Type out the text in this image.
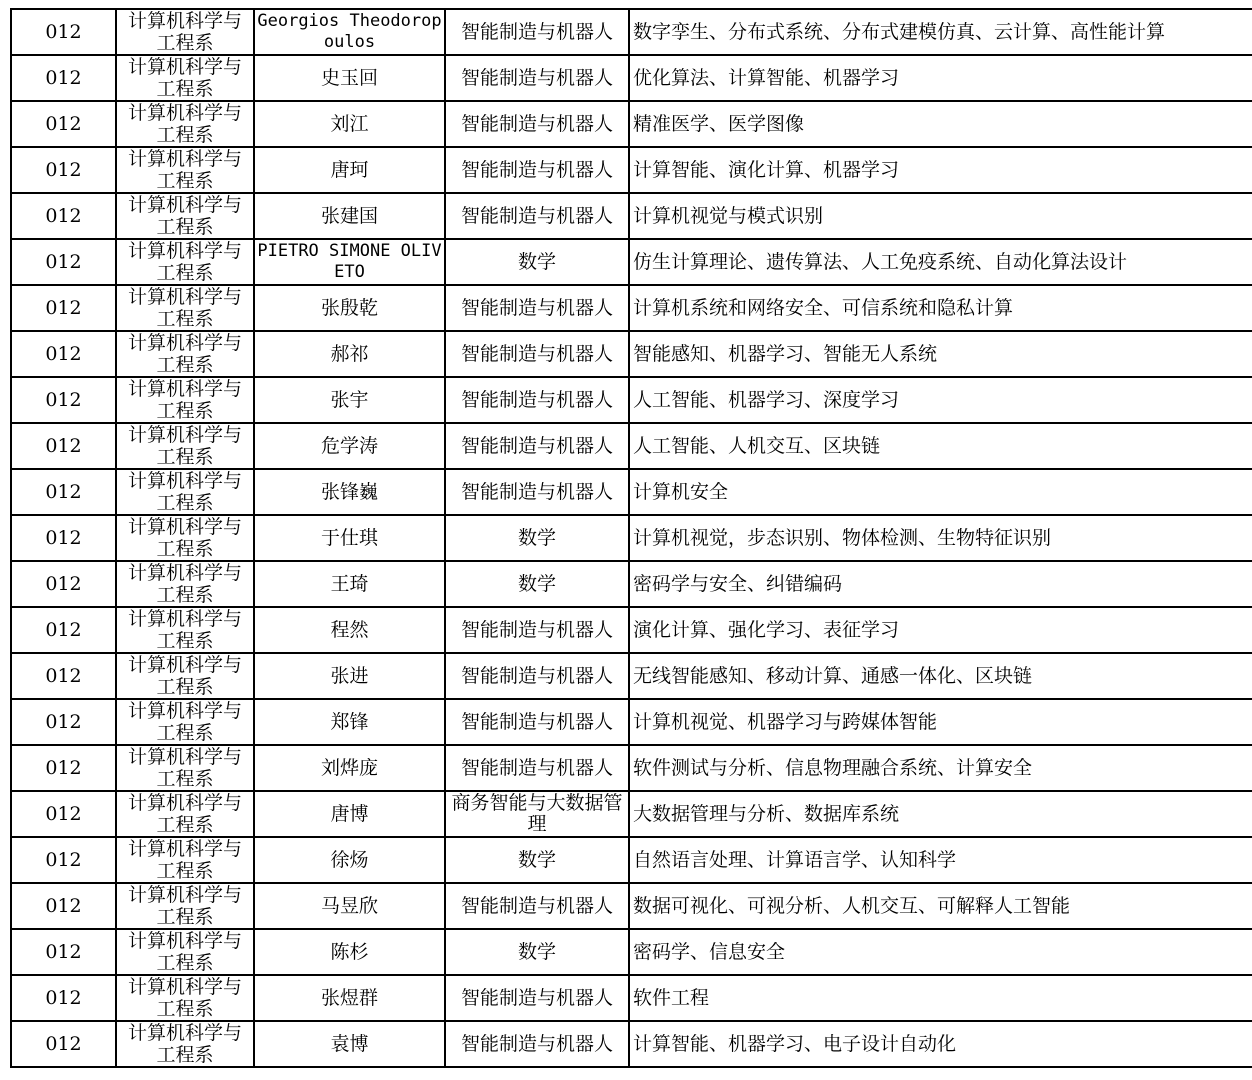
012	计算机科学与工程系	Georgios Theodoropoulos	智能制造与机器人	数字孪生、分布式系统、分布式建模仿真、云计算、高性能计算

012	计算机科学与工程系	史玉回	智能制造与机器人	优化算法、计算智能、机器学习

012	计算机科学与工程系	刘江	智能制造与机器人	精准医学、医学图像

012	计算机科学与工程系	唐珂	智能制造与机器人	计算智能、演化计算、机器学习

012	计算机科学与工程系	张建国	智能制造与机器人	计算机视觉与模式识别

012	计算机科学与工程系	PIETRO SIMONE OLIVETO	数学	仿生计算理论、遗传算法、人工免疫系统、自动化算法设计

012	计算机科学与工程系	张殷乾	智能制造与机器人	计算机系统和网络安全、可信系统和隐私计算

012	计算机科学与工程系	郝祁	智能制造与机器人	智能感知、机器学习、智能无人系统

012	计算机科学与工程系	张宇	智能制造与机器人	人工智能、机器学习、深度学习

012	计算机科学与工程系	危学涛	智能制造与机器人	人工智能、人机交互、区块链

012	计算机科学与工程系	张锋巍	智能制造与机器人	计算机安全

012	计算机科学与工程系	于仕琪	数学	计算机视觉，步态识别、物体检测、生物特征识别

012	计算机科学与工程系	王琦	数学	密码学与安全、纠错编码

012	计算机科学与工程系	程然	智能制造与机器人	演化计算、强化学习、表征学习

012	计算机科学与工程系	张进	智能制造与机器人	无线智能感知、移动计算、通感一体化、区块链

012	计算机科学与工程系	郑锋	智能制造与机器人	计算机视觉、机器学习与跨媒体智能

012	计算机科学与工程系	刘烨庞	智能制造与机器人	软件测试与分析、信息物理融合系统、计算安全

012	计算机科学与工程系	唐博	商务智能与大数据管理	大数据管理与分析、数据库系统

012	计算机科学与工程系	徐炀	数学	自然语言处理、计算语言学、认知科学

012	计算机科学与工程系	马昱欣	智能制造与机器人	数据可视化、可视分析、人机交互、可解释人工智能

012	计算机科学与工程系	陈杉	数学	密码学、信息安全

012	计算机科学与工程系	张煜群	智能制造与机器人	软件工程

012	计算机科学与工程系	袁博	智能制造与机器人	计算智能、机器学习、电子设计自动化
